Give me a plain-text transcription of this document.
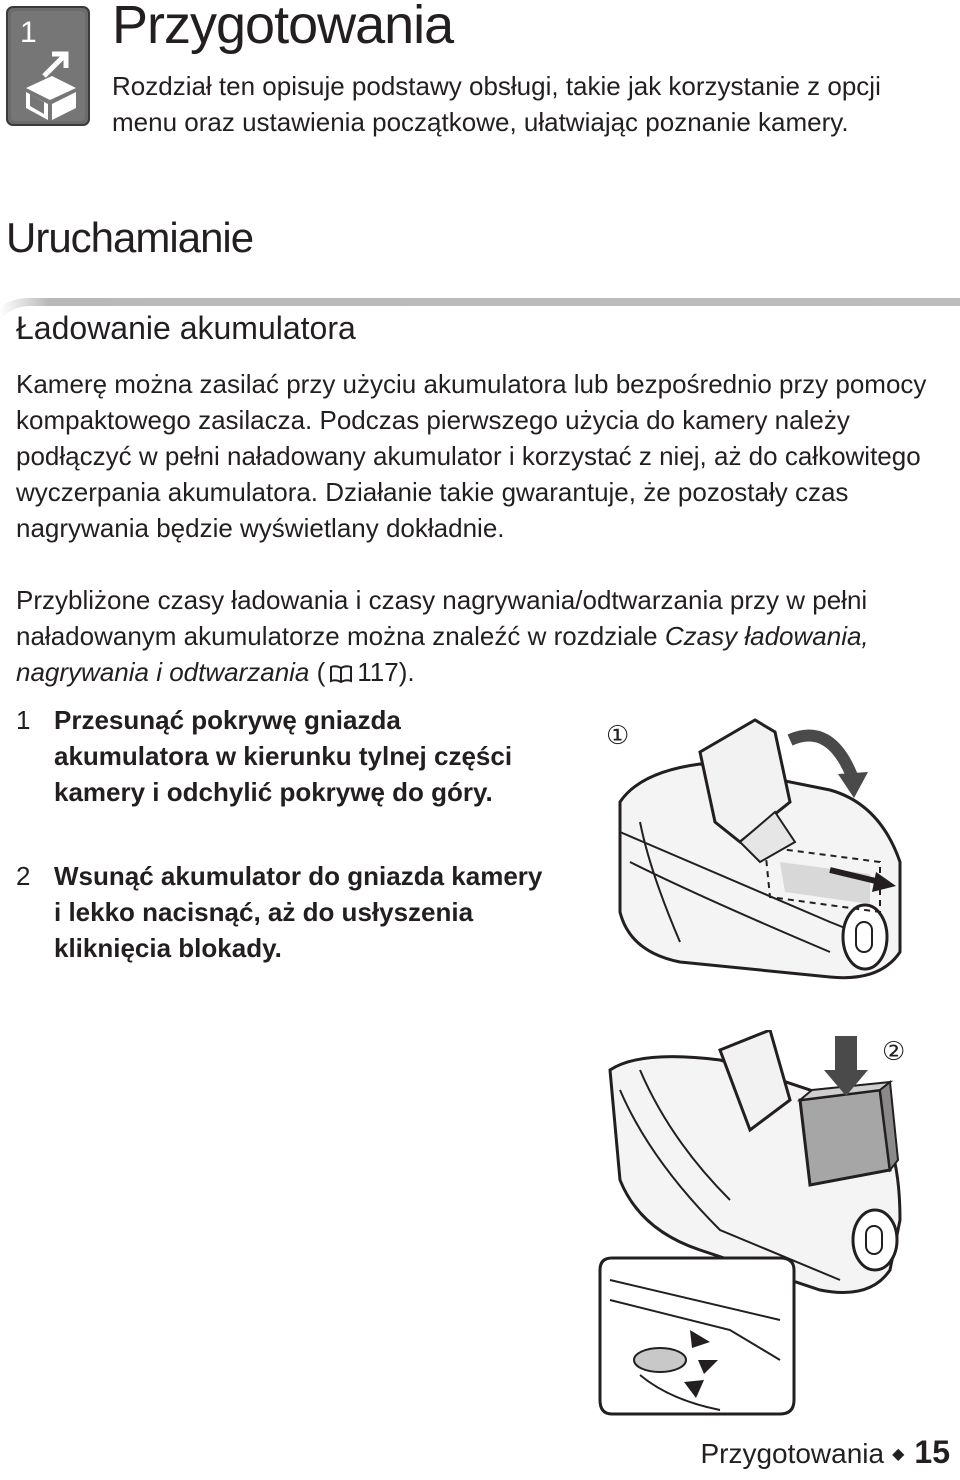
1 Przygotowania

Rozdział ten opisuje podstawy obsługi, takie jak korzystanie z opcji menu oraz ustawienia początkowe, ułatwiając poznanie kamery.

Uruchamianie
Ładowanie akumulatora

Kamerę można zasilać przy użyciu akumulatora lub bezpośrednio przy pomocy kompaktowego zasilacza. Podczas pierwszego użycia do kamery należy podłączyć w pełni naładowany akumulator i korzystać z niej, aż do całkowitego wyczerpania akumulatora. Działanie takie gwarantuje, że pozostały czas nagrywania będzie wyświetlany dokładnie.

Przybliżone czasy ładowania i czasy nagrywania/odtwarzania przy w pełni naładowanym akumulatorze można znaleźć w rozdziale Czasy ładowania, nagrywania i odtwarzania ( 117).

1 Przesunąć pokrywę gniazda akumulatora w kierunku tylnej części kamery i odchylić pokrywę do góry.
2 Wsunąć akumulator do gniazda kamery i lekko nacisnąć, aż do usłyszenia kliknięcia blokady.
①
②
Przygotowania ◆ 15
